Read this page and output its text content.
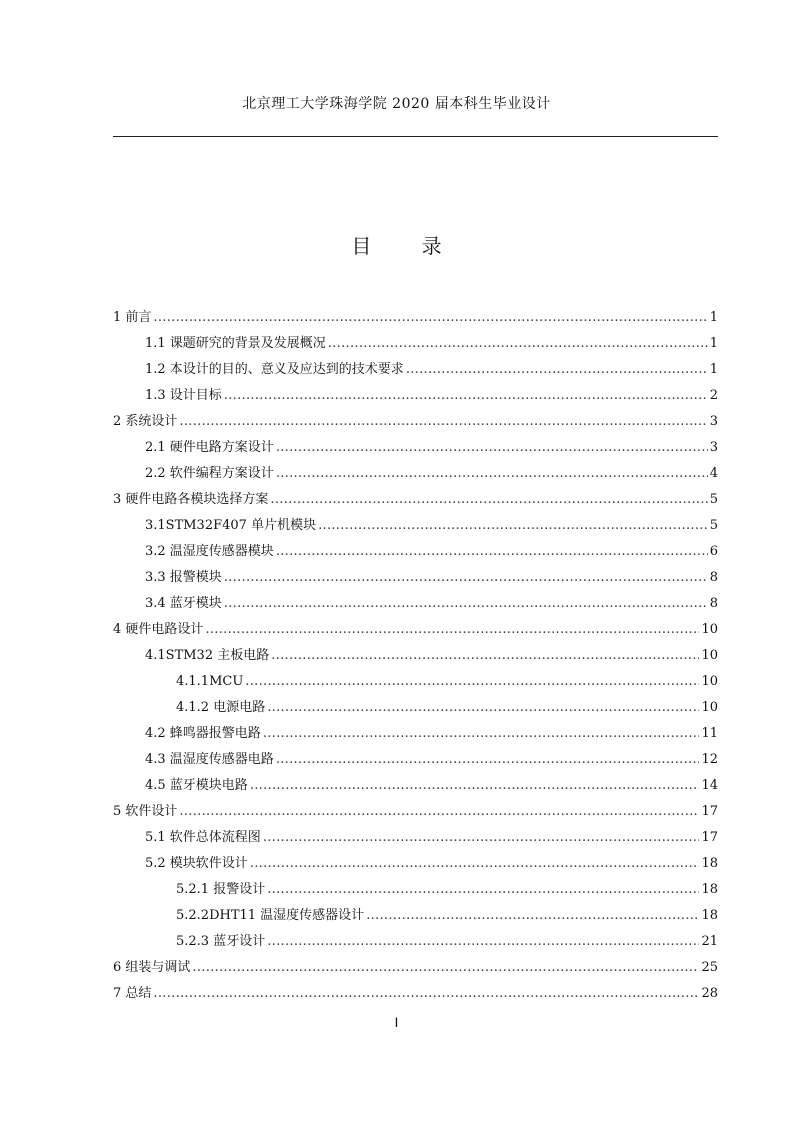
北京理工大学珠海学院 2020 届本科生毕业设计
目 录
1 前言 .....	1
1.1 课题研究的背景及发展概况 .....	1
1.2 本设计的目的、意义及应达到的技术要求 .....	1
1.3 设计目标 .....	2
2 系统设计 .....	3
2.1 硬件电路方案设计 .....	3
2.2 软件编程方案设计 .....	4
3 硬件电路各模块选择方案 .....	5
3.1STM32F407 单片机模块 .....	5
3.2 温湿度传感器模块 .....	6
3.3 报警模块 .....	8
3.4 蓝牙模块 .....	8
4 硬件电路设计 .....	10
4.1STM32 主板电路 .....	10
4.1.1MCU .....	10
4.1.2 电源电路 .....	10
4.2 蜂鸣器报警电路 .....	11
4.3 温湿度传感器电路 .....	12
4.5 蓝牙模块电路 .....	14
5 软件设计 .....	17
5.1 软件总体流程图 .....	17
5.2 模块软件设计 .....	18
5.2.1 报警设计 .....	18
5.2.2DHT11 温湿度传感器设计 .....	18
5.2.3 蓝牙设计 .....	21
6 组装与调试 .....	25
7 总结 .....	28
I
